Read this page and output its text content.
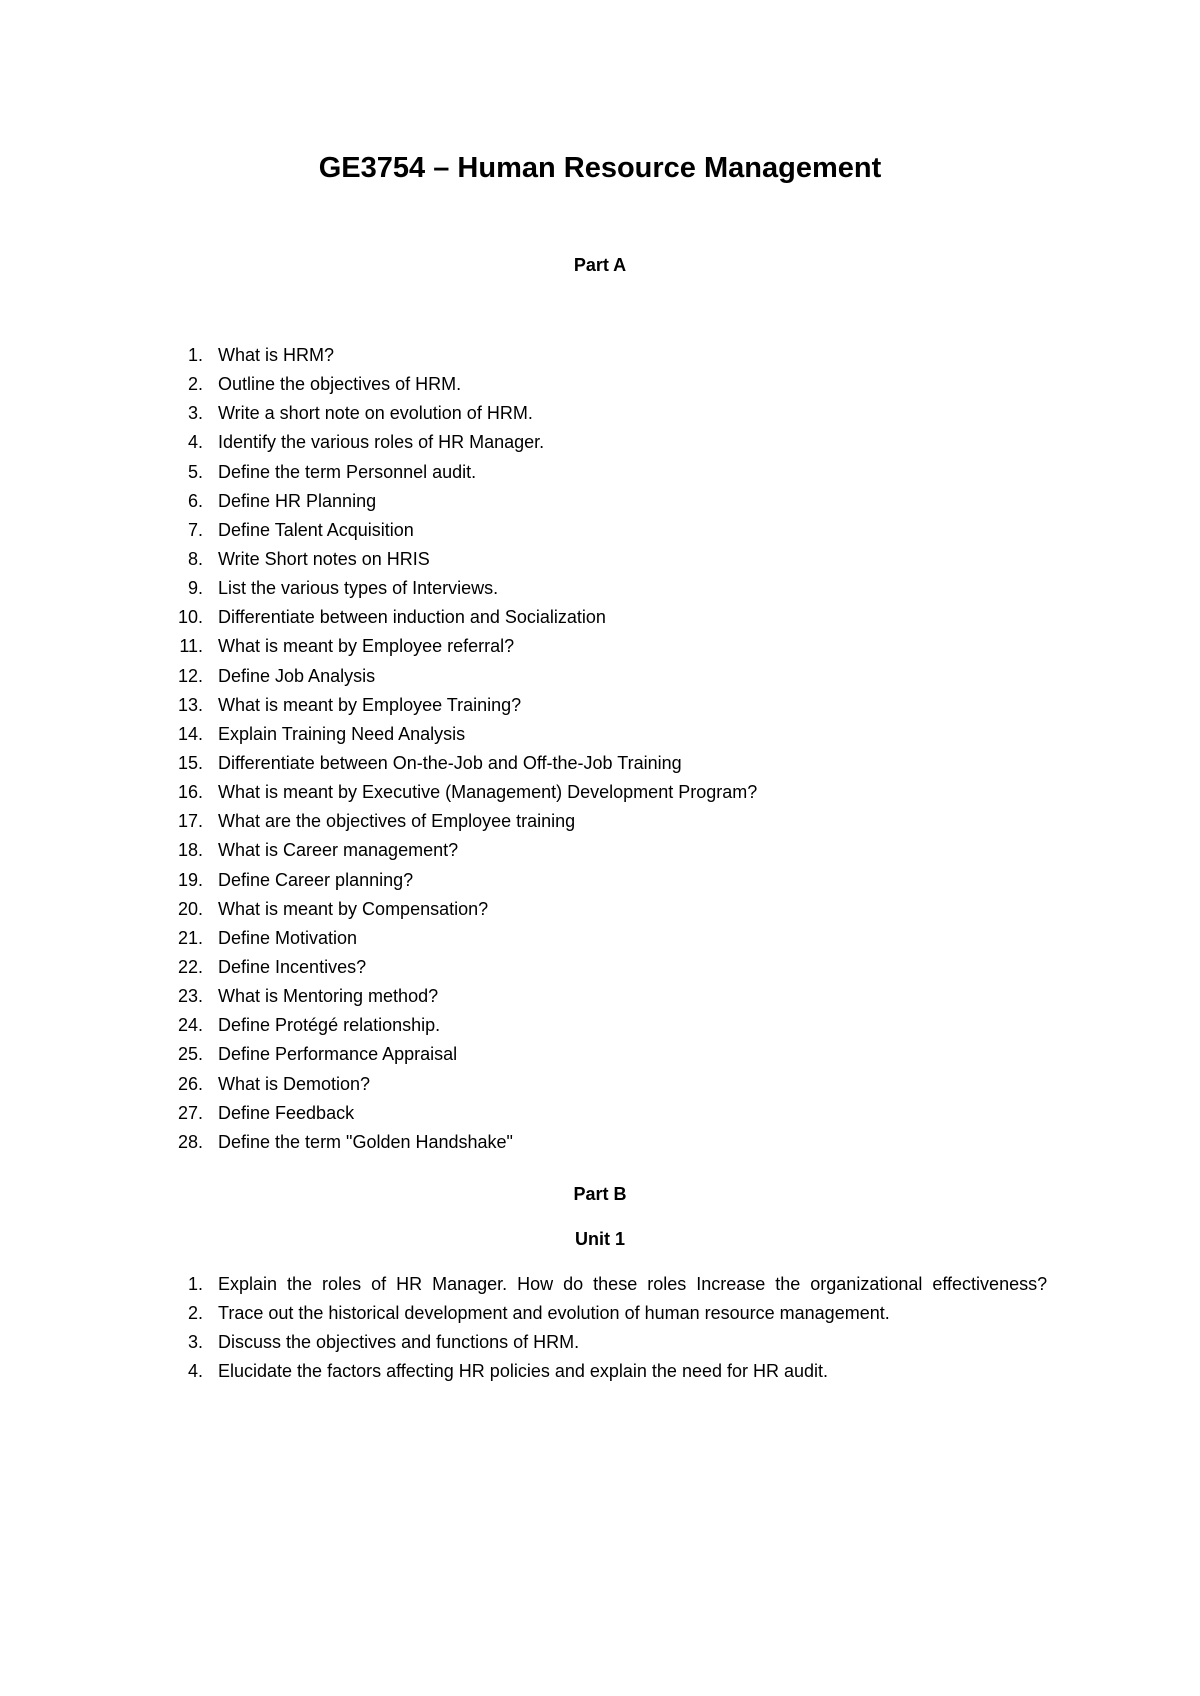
GE3754 – Human Resource Management
Part A
1. What is HRM?
2. Outline the objectives of HRM.
3. Write a short note on evolution of HRM.
4. Identify the various roles of HR Manager.
5. Define the term Personnel audit.
6. Define HR Planning
7. Define Talent Acquisition
8. Write Short notes on HRIS
9. List the various types of Interviews.
10. Differentiate between induction and Socialization
11. What is meant by Employee referral?
12. Define Job Analysis
13. What is meant by Employee Training?
14. Explain Training Need Analysis
15. Differentiate between On-the-Job and Off-the-Job Training
16. What is meant by Executive (Management) Development Program?
17. What are the objectives of Employee training
18. What is Career management?
19. Define Career planning?
20. What is meant by Compensation?
21. Define Motivation
22. Define Incentives?
23. What is Mentoring method?
24. Define Protégé relationship.
25. Define Performance Appraisal
26. What is Demotion?
27. Define Feedback
28. Define the term "Golden Handshake"
Part B
Unit 1
1. Explain the roles of HR Manager. How do these roles Increase the organizational effectiveness?
2. Trace out the historical development and evolution of human resource management.
3. Discuss the objectives and functions of HRM.
4. Elucidate the factors affecting HR policies and explain the need for HR audit.
